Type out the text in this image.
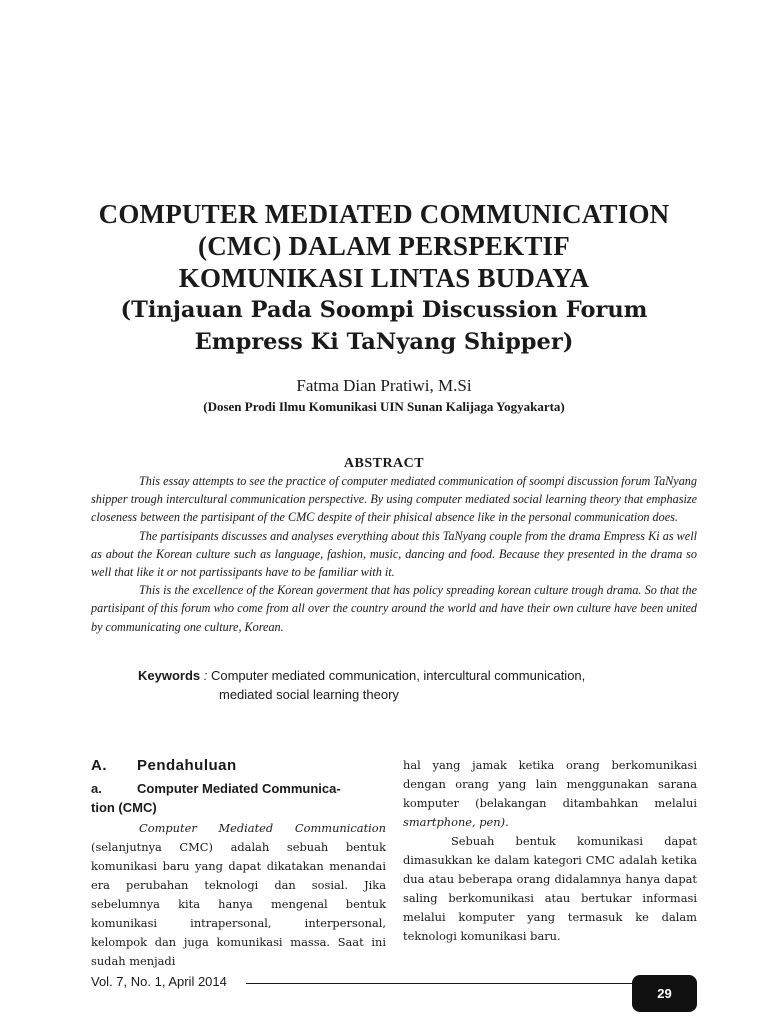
COMPUTER MEDIATED COMMUNICATION
(CMC) DALAM PERSPEKTIF
KOMUNIKASI LINTAS BUDAYA
(Tinjauan Pada Soompi Discussion Forum
Empress Ki TaNyang Shipper)
Fatma Dian Pratiwi, M.Si
(Dosen Prodi Ilmu Komunikasi UIN Sunan Kalijaga Yogyakarta)
ABSTRACT

This essay attempts to see the practice of computer mediated communication of soompi discussion forum TaNyang shipper trough intercultural communication perspective. By using computer mediated social learning theory that emphasize closeness between the partisipant of the CMC despite of their phisical absence like in the personal communication does.

The partisipants discusses and analyses everything about this TaNyang couple from the drama Empress Ki as well as about the Korean culture such as language, fashion, music, dancing and food. Because they presented in the drama so well that like it or not partissipants have to be familiar with it.

This is the excellence of the Korean goverment that has policy spreading korean culture trough drama. So that the partisipant of this forum who come from all over the country around the world and have their own culture have been united by communicating one culture, Korean.

Keywords : Computer mediated communication, intercultural communication,
mediated social learning theory
A. Pendahuluan
a.	Computer Mediated Communica-
tion (CMC)

Computer Mediated Communication (selanjutnya CMC) adalah sebuah bentuk komunikasi baru yang dapat dikatakan menandai era perubahan teknologi dan sosial. Jika sebelumnya kita hanya mengenal bentuk komunikasi intrapersonal, interpersonal, kelompok dan juga komunikasi massa. Saat ini sudah menjadi

hal yang jamak ketika orang berkomunikasi dengan orang yang lain menggunakan sarana komputer (belakangan ditambahkan melalui smartphone, pen).

Sebuah bentuk komunikasi dapat dimasukkan ke dalam kategori CMC adalah ketika dua atau beberapa orang didalamnya hanya dapat saling berkomunikasi atau bertukar informasi melalui komputer yang termasuk ke dalam teknologi komunikasi baru.

Vol. 7, No. 1, April 2014
29
